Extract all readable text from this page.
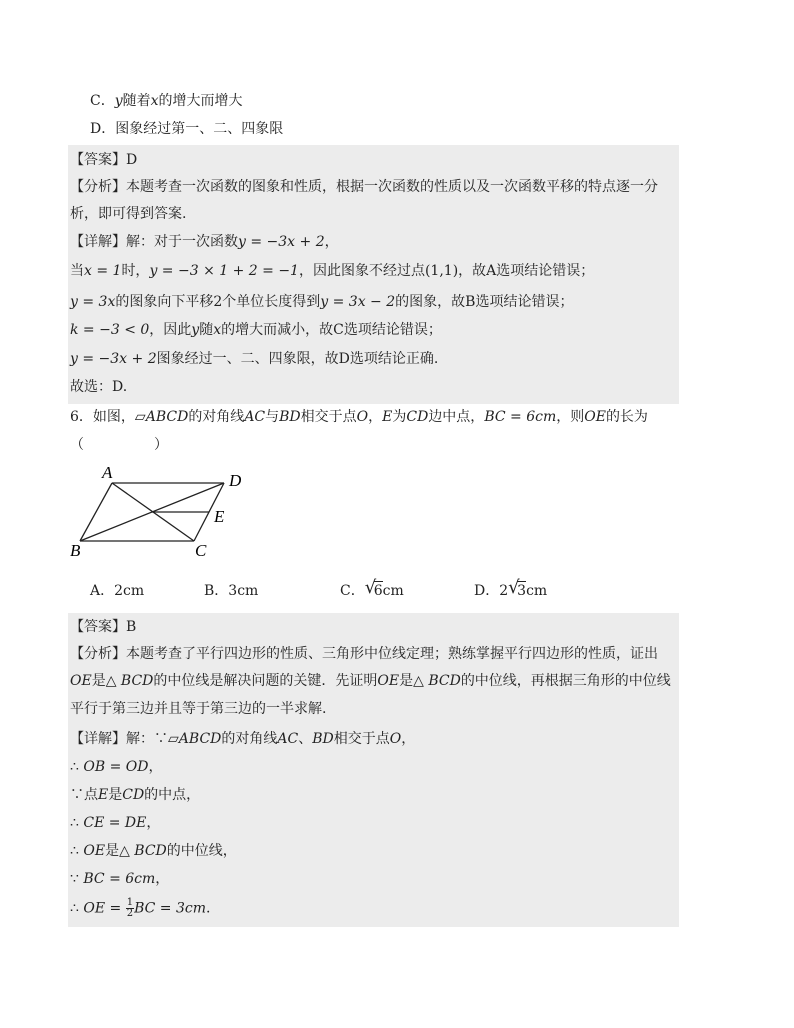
C．y随着x的增大而增大
D．图象经过第一、二、四象限
【答案】D
【分析】本题考查一次函数的图象和性质，根据一次函数的性质以及一次函数平移的特点逐一分
析，即可得到答案.
【详解】解：对于一次函数y = −3x + 2，
当x = 1时，y = −3 × 1 + 2 = −1，因此图象不经过点(1,1)，故A选项结论错误；
y = 3x的图象向下平移2个单位长度得到y = 3x − 2的图象，故B选项结论错误；
k = −3 < 0，因此y随x的增大而减小，故C选项结论错误；
y = −3x + 2图象经过一、二、四象限，故D选项结论正确.
故选：D.
6．如图，▱ABCD的对角线AC与BD相交于点O，E为CD边中点，BC = 6cm，则OE的长为
（　　　　　）
A	D
E
B	C
A．2cm	B．3cm	C． √
6cm	D．2 √
3cm
【答案】B
【分析】本题考查了平行四边形的性质、三角形中位线定理；熟练掌握平行四边形的性质，证出
OE是△ BCD的中位线是解决问题的关键．先证明OE是△ BCD的中位线，再根据三角形的中位线
平行于第三边并且等于第三边的一半求解.
【详解】解：∵▱ABCD的对角线AC、BD相交于点O，
∴ OB = OD，
∵点E是CD的中点，
∴ CE = DE，
∴ OE是△ BCD的中位线，
∵ BC = 6cm，
∴ OE = $\frac{1}{2}$ BC = 3cm.
